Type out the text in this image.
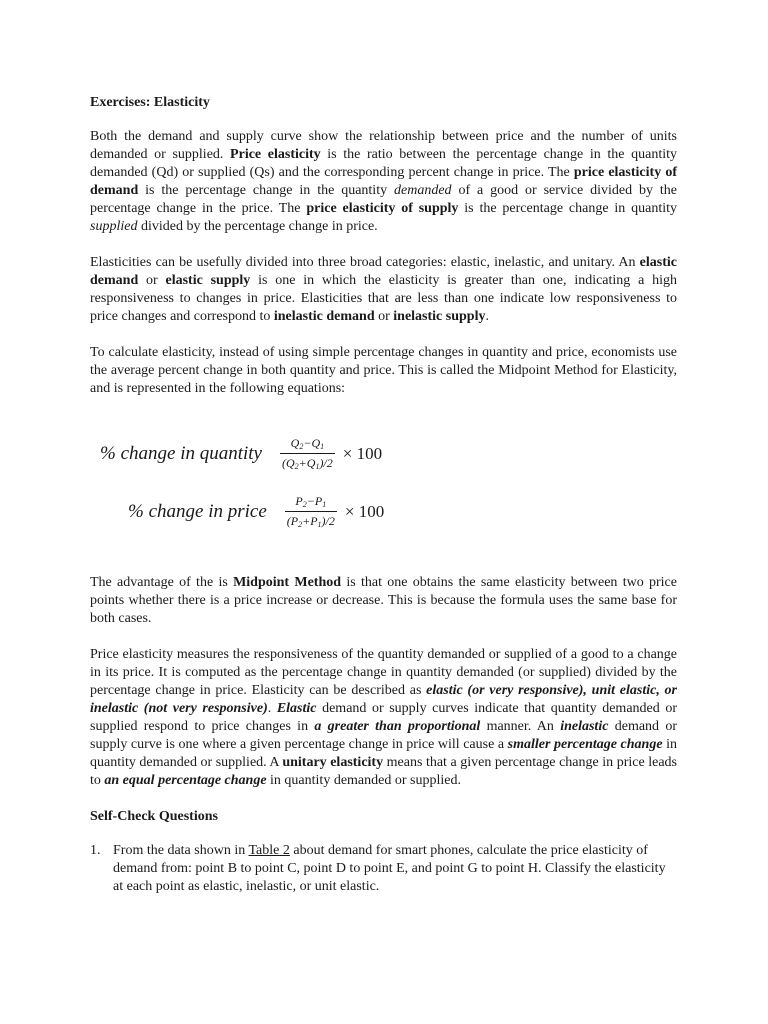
Exercises: Elasticity

Both the demand and supply curve show the relationship between price and the number of units demanded or supplied. Price elasticity is the ratio between the percentage change in the quantity demanded (Qd) or supplied (Qs) and the corresponding percent change in price. The price elasticity of demand is the percentage change in the quantity demanded of a good or service divided by the percentage change in the price. The price elasticity of supply is the percentage change in quantity supplied divided by the percentage change in price.

Elasticities can be usefully divided into three broad categories: elastic, inelastic, and unitary. An elastic demand or elastic supply is one in which the elasticity is greater than one, indicating a high responsiveness to changes in price. Elasticities that are less than one indicate low responsiveness to price changes and correspond to inelastic demand or inelastic supply.

To calculate elasticity, instead of using simple percentage changes in quantity and price, economists use the average percent change in both quantity and price. This is called the Midpoint Method for Elasticity, and is represented in the following equations:

% change in quantity $\frac{Q_2-Q_1}{(Q_2+Q_1)/2} \times 100$
% change in price $\frac{P_2-P_1}{(P_2+P_1)/2} \times 100$

The advantage of the is Midpoint Method is that one obtains the same elasticity between two price points whether there is a price increase or decrease. This is because the formula uses the same base for both cases.

Price elasticity measures the responsiveness of the quantity demanded or supplied of a good to a change in its price. It is computed as the percentage change in quantity demanded (or supplied) divided by the percentage change in price. Elasticity can be described as elastic (or very responsive), unit elastic, or inelastic (not very responsive). Elastic demand or supply curves indicate that quantity demanded or supplied respond to price changes in a greater than proportional manner. An inelastic demand or supply curve is one where a given percentage change in price will cause a smaller percentage change in quantity demanded or supplied. A unitary elasticity means that a given percentage change in price leads to an equal percentage change in quantity demanded or supplied.

Self-Check Questions
1. From the data shown in Table 2 about demand for smart phones, calculate the price elasticity of demand from: point B to point C, point D to point E, and point G to point H. Classify the elasticity at each point as elastic, inelastic, or unit elastic.
